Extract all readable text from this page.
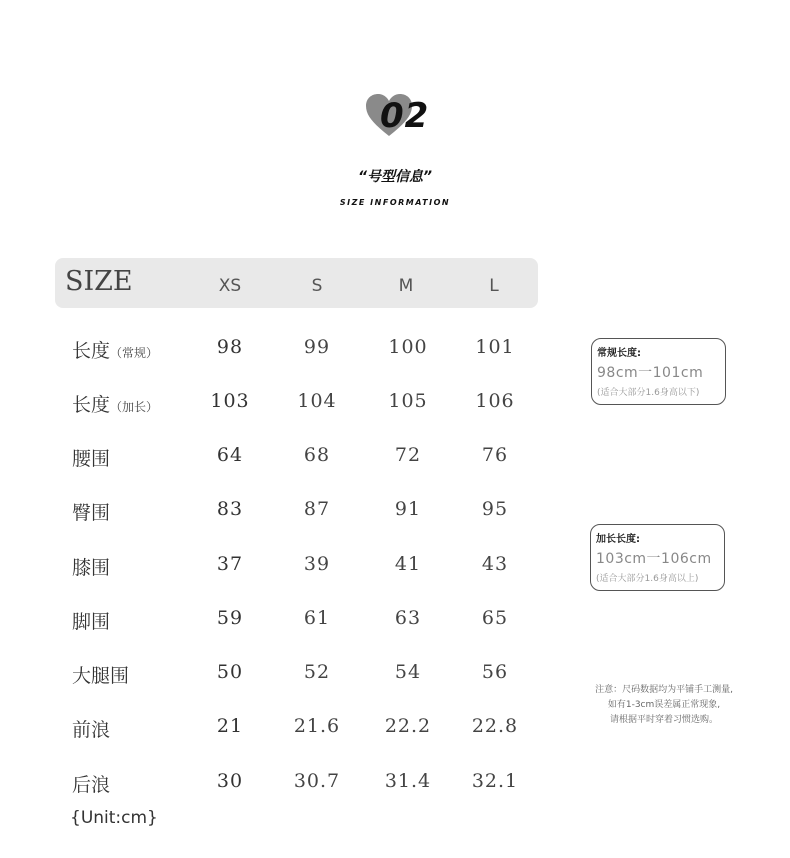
02
“号型信息”
SIZE INFORMATION
SIZE	XS	S	M	L
长度（常规）	98	99	100	101
长度（加长）	103	104	105	106
腰围	64	68	72	76
臀围	83	87	91	95
膝围	37	39	41	43
脚围	59	61	63	65
大腿围	50	52	54	56
前浪	21	21.6	22.2	22.8
后浪	30	30.7	31.4	32.1
{Unit:cm}
常规长度:
98cm一101cm
(适合大部分1.6身高以下)
加长长度:
103cm一106cm
(适合大部分1.6身高以上)
注意：尺码数据均为平铺手工测量,
如有1-3cm误差属正常现象,
请根据平时穿着习惯选购。
